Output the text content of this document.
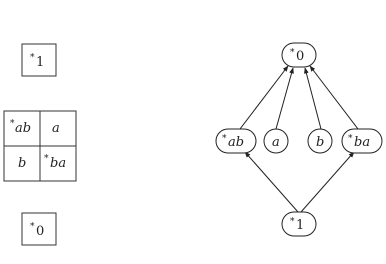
* 1
* ab a
b * ba
* 0
* 0
* ab a	b	* ba
* 1
